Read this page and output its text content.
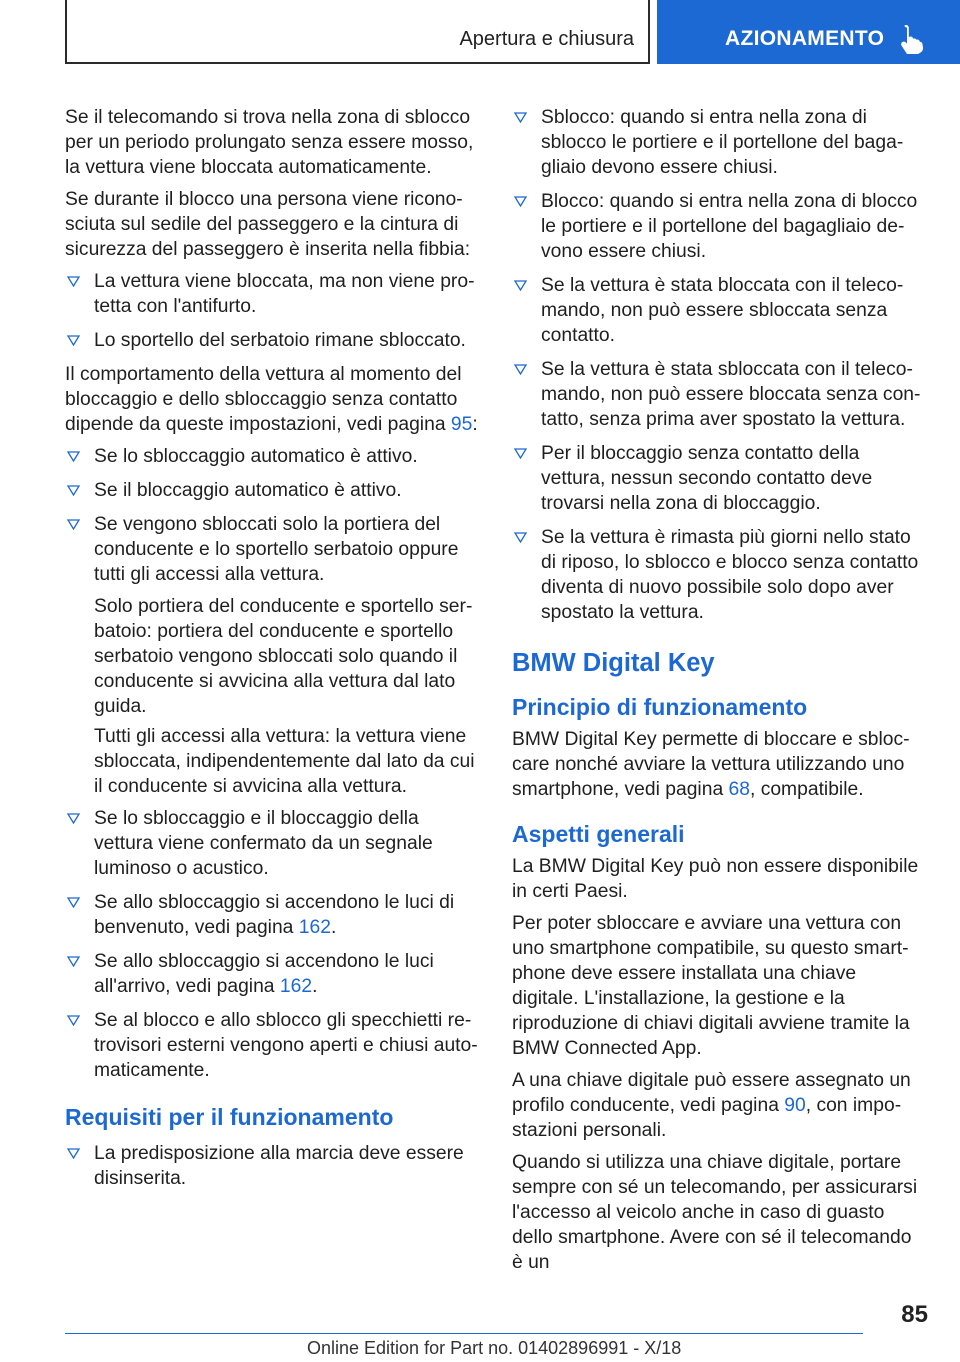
Apertura e chiusura	AZIONAMENTO

Se il telecomando si trova nella zona di sblocco per un periodo prolungato senza essere mosso, la vettura viene bloccata automaticamente.

Se durante il blocco una persona viene riconosciuta sul sedile del passeggero e la cintura di sicurezza del passeggero è inserita nella fibbia:

La vettura viene bloccata, ma non viene protetta con l'antifurto.
Lo sportello del serbatoio rimane sbloccato.

Il comportamento della vettura al momento del bloccaggio e dello sbloccaggio senza contatto dipende da queste impostazioni, vedi pagina 95:

Se lo sbloccaggio automatico è attivo.
Se il bloccaggio automatico è attivo.
Se vengono sbloccati solo la portiera del conducente e lo sportello serbatoio oppure tutti gli accessi alla vettura.

Solo portiera del conducente e sportello serbatoio: portiera del conducente e sportello serbatoio vengono sbloccati solo quando il conducente si avvicina alla vettura dal lato guida.

Tutti gli accessi alla vettura: la vettura viene sbloccata, indipendentemente dal lato da cui il conducente si avvicina alla vettura.

Se lo sbloccaggio e il bloccaggio della vettura viene confermato da un segnale luminoso o acustico.
Se allo sbloccaggio si accendono le luci di benvenuto, vedi pagina 162.
Se allo sbloccaggio si accendono le luci all'arrivo, vedi pagina 162.
Se al blocco e allo sblocco gli specchietti retrovisori esterni vengono aperti e chiusi automaticamente.
Requisiti per il funzionamento
La predisposizione alla marcia deve essere disinserita.
Sblocco: quando si entra nella zona di sblocco le portiere e il portellone del bagagliaio devono essere chiusi.
Blocco: quando si entra nella zona di blocco le portiere e il portellone del bagagliaio devono essere chiusi.
Se la vettura è stata bloccata con il telecomando, non può essere sbloccata senza contatto.
Se la vettura è stata sbloccata con il telecomando, non può essere bloccata senza contatto, senza prima aver spostato la vettura.
Per il bloccaggio senza contatto della vettura, nessun secondo contatto deve trovarsi nella zona di bloccaggio.
Se la vettura è rimasta più giorni nello stato di riposo, lo sblocco e blocco senza contatto diventa di nuovo possibile solo dopo aver spostato la vettura.
BMW Digital Key
Principio di funzionamento

BMW Digital Key permette di bloccare e sbloccare nonché avviare la vettura utilizzando uno smartphone, vedi pagina 68, compatibile.

Aspetti generali

La BMW Digital Key può non essere disponibile in certi Paesi.

Per poter sbloccare e avviare una vettura con uno smartphone compatibile, su questo smartphone deve essere installata una chiave digitale. L'installazione, la gestione e la riproduzione di chiavi digitali avviene tramite la BMW Connected App.

A una chiave digitale può essere assegnato un profilo conducente, vedi pagina 90, con impostazioni personali.

Quando si utilizza una chiave digitale, portare sempre con sé un telecomando, per assicurarsi l'accesso al veicolo anche in caso di guasto dello smartphone. Avere con sé il telecomando è un

85
Online Edition for Part no. 01402896991 - X/18
